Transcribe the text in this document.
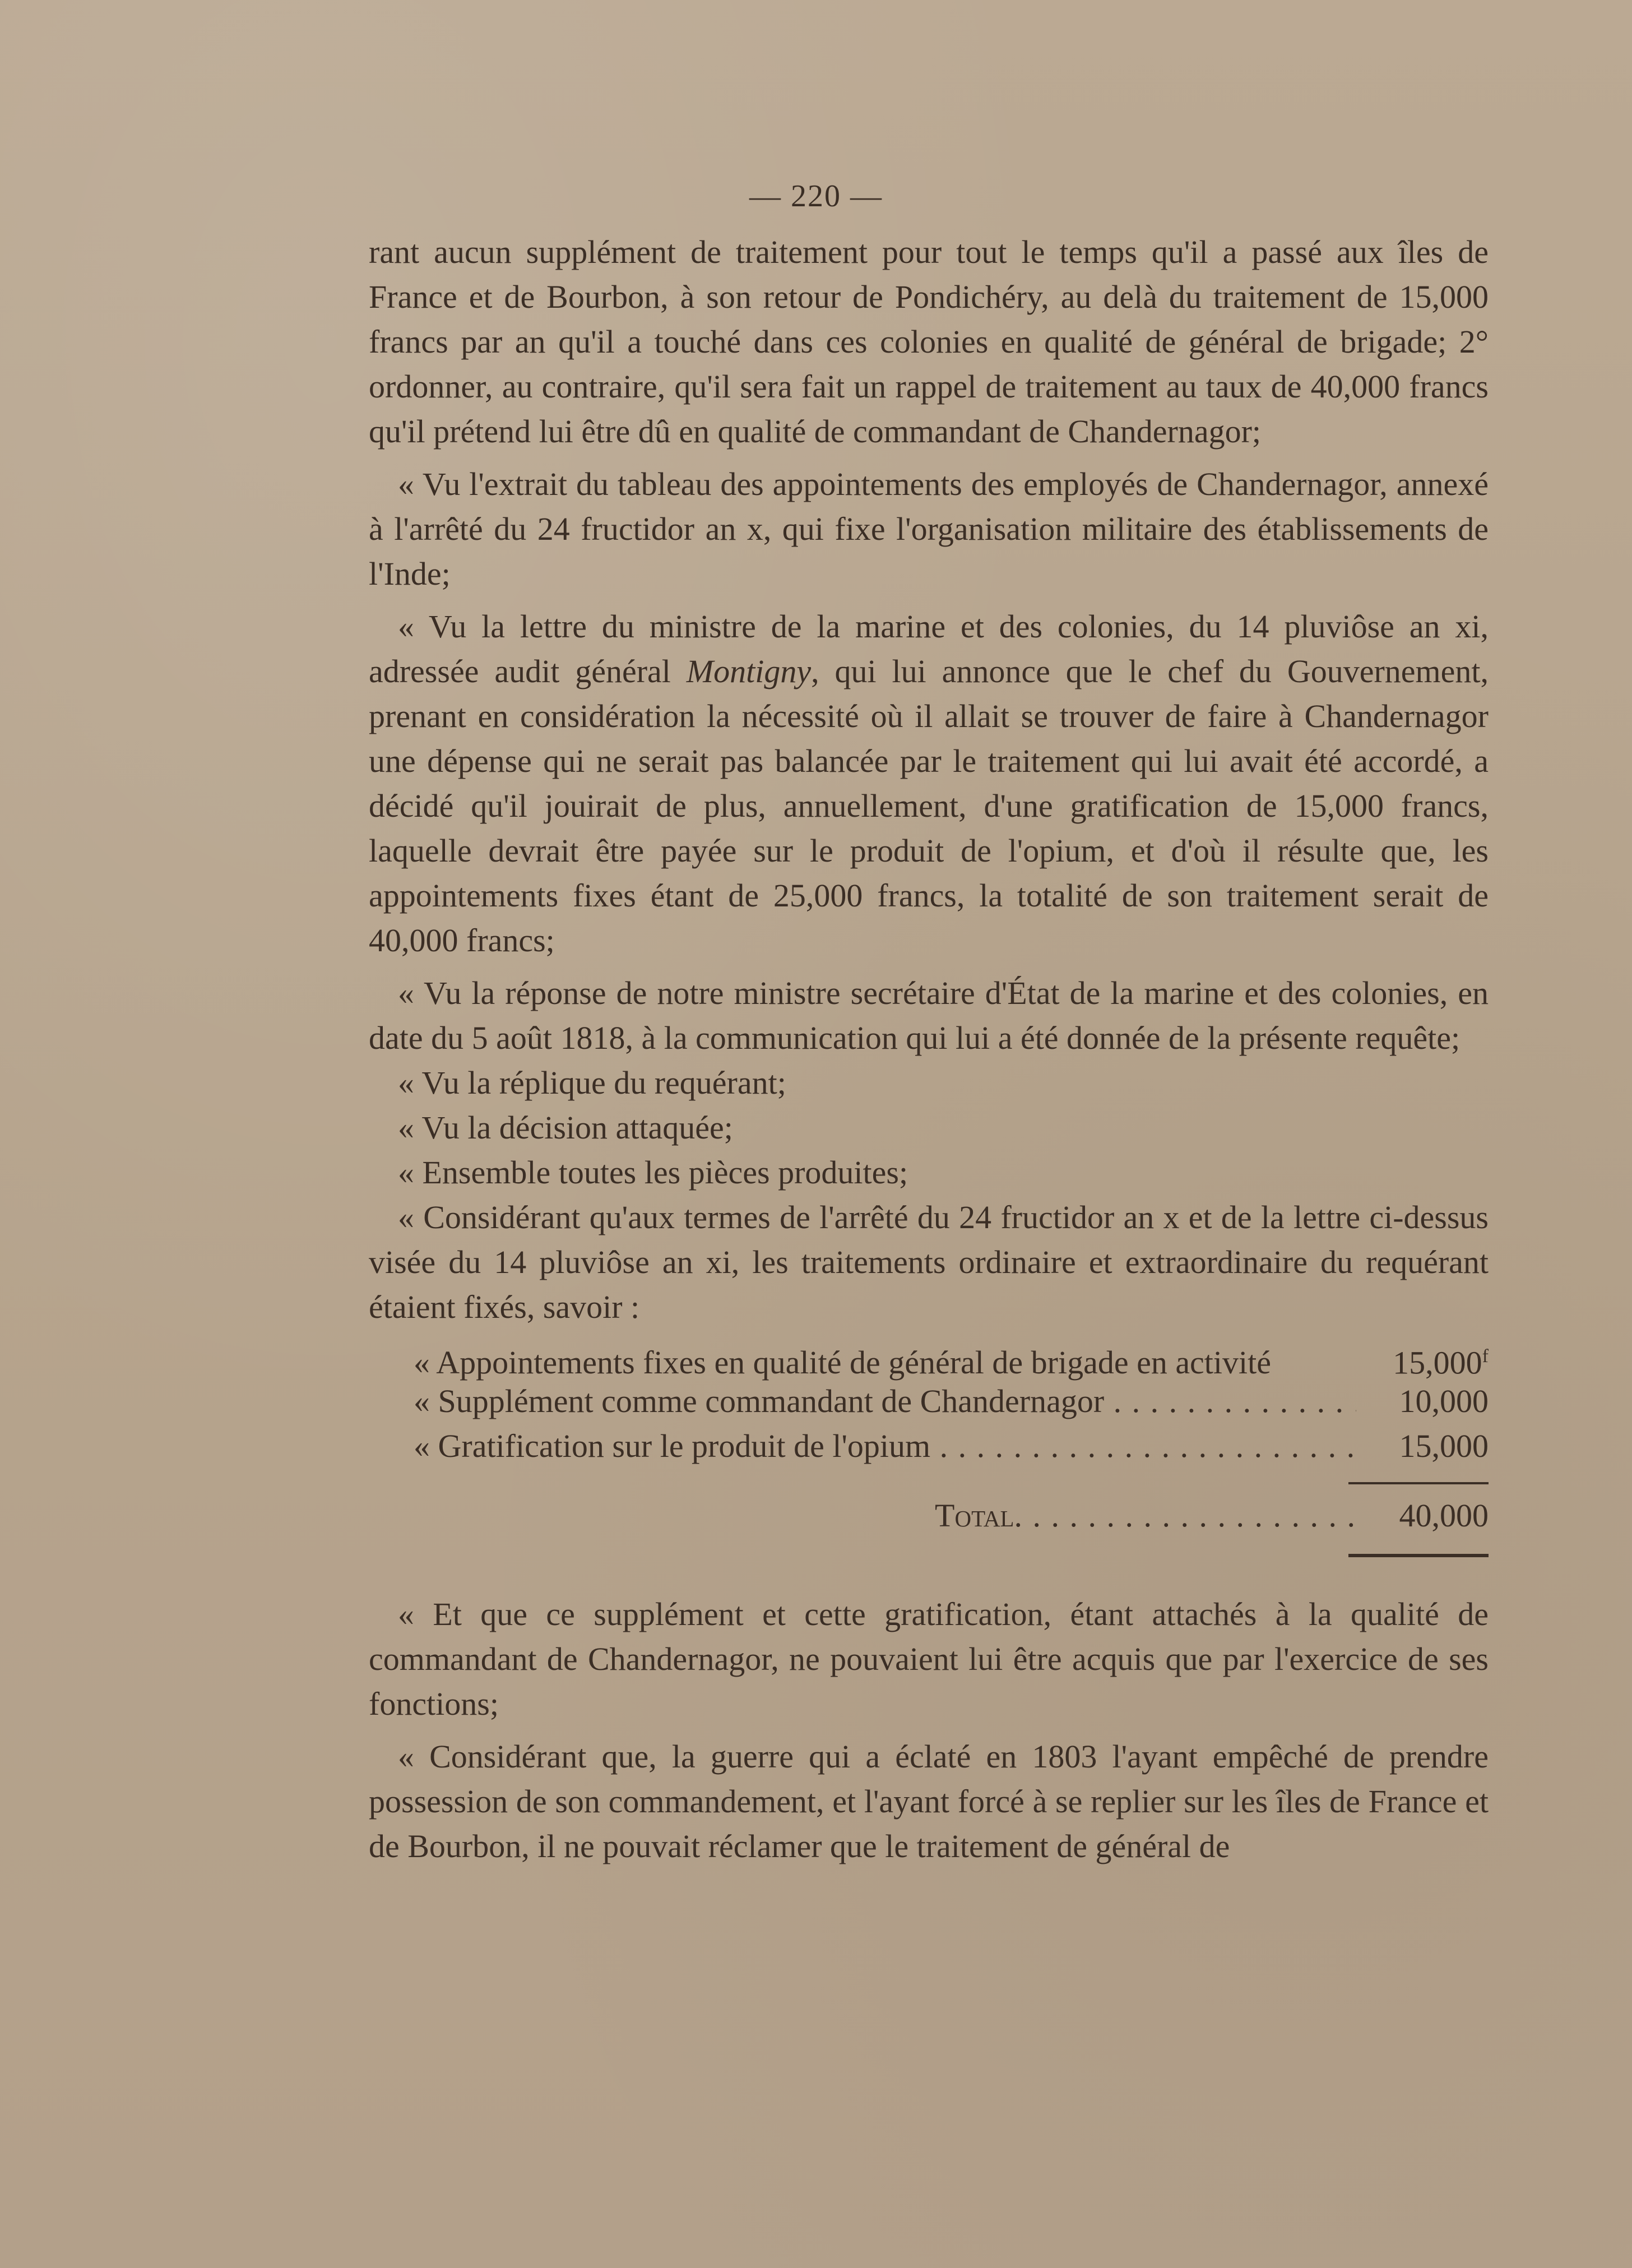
— 220 —

rant aucun supplément de traitement pour tout le temps qu'il a passé aux îles de France et de Bourbon, à son retour de Pondichéry, au delà du traitement de 15,000 francs par an qu'il a touché dans ces colonies en qualité de général de brigade; 2° ordonner, au contraire, qu'il sera fait un rappel de traitement au taux de 40,000 francs qu'il prétend lui être dû en qualité de commandant de Chandernagor;

« Vu l'extrait du tableau des appointements des employés de Chandernagor, annexé à l'arrêté du 24 fructidor an x, qui fixe l'organisation militaire des établissements de l'Inde;

« Vu la lettre du ministre de la marine et des colonies, du 14 pluviôse an xi, adressée audit général Montigny, qui lui annonce que le chef du Gouvernement, prenant en considération la nécessité où il allait se trouver de faire à Chandernagor une dépense qui ne serait pas balancée par le traitement qui lui avait été accordé, a décidé qu'il jouirait de plus, annuellement, d'une gratification de 15,000 francs, laquelle devrait être payée sur le produit de l'opium, et d'où il résulte que, les appointements fixes étant de 25,000 francs, la totalité de son traitement serait de 40,000 francs;

« Vu la réponse de notre ministre secrétaire d'État de la marine et des colonies, en date du 5 août 1818, à la communication qui lui a été donnée de la présente requête;

« Vu la réplique du requérant;

« Vu la décision attaquée;

« Ensemble toutes les pièces produites;

« Considérant qu'aux termes de l'arrêté du 24 fructidor an x et de la lettre ci-dessus visée du 14 pluviôse an xi, les traitements ordinaire et extraordinaire du requérant étaient fixés, savoir :

« Appointements fixes en qualité de général de brigade en activité	15,000$^f$
« Supplément comme commandant de Chandernagor . . .	10,000
« Gratification sur le produit de l'opium . . .	15,000
Total . . .	40,000

« Et que ce supplément et cette gratification, étant attachés à la qualité de commandant de Chandernagor, ne pouvaient lui être acquis que par l'exercice de ses fonctions;

« Considérant que, la guerre qui a éclaté en 1803 l'ayant empêché de prendre possession de son commandement, et l'ayant forcé à se replier sur les îles de France et de Bourbon, il ne pouvait réclamer que le traitement de général de
